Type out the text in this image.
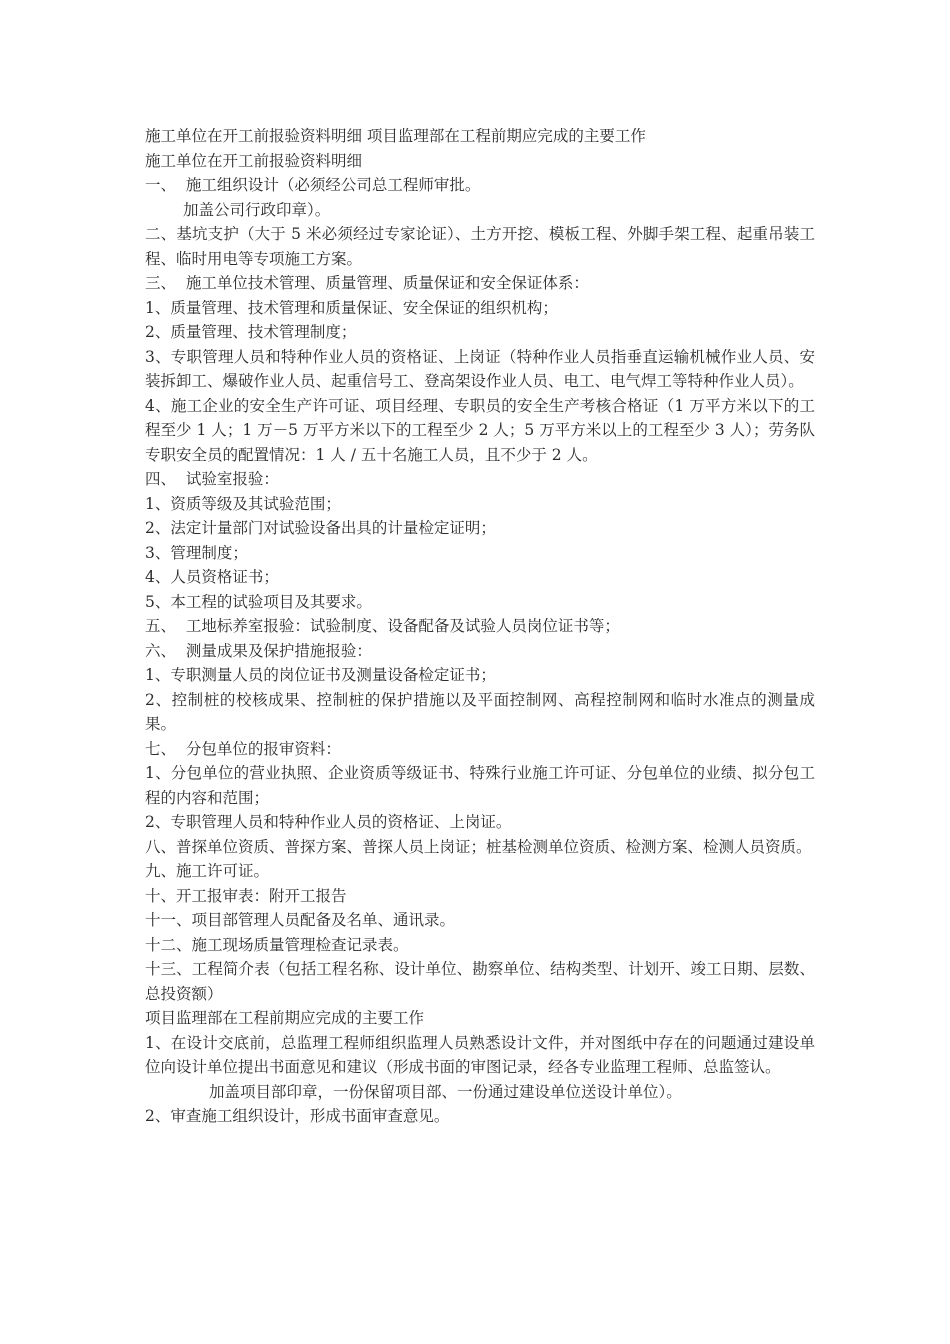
施工单位在开工前报验资料明细 项目监理部在工程前期应完成的主要工作

施工单位在开工前报验资料明细

一、  施工组织设计（必须经公司总工程师审批。

加盖公司行政印章）。

二、基坑支护（大于 5 米必须经过专家论证）、土方开挖、模板工程、外脚手架工程、起重吊装工程、临时用电等专项施工方案。

三、  施工单位技术管理、质量管理、质量保证和安全保证体系：

1、质量管理、技术管理和质量保证、安全保证的组织机构；

2、质量管理、技术管理制度；

3、专职管理人员和特种作业人员的资格证、上岗证（特种作业人员指垂直运输机械作业人员、安装拆卸工、爆破作业人员、起重信号工、登高架设作业人员、电工、电气焊工等特种作业人员）。

4、施工企业的安全生产许可证、项目经理、专职员的安全生产考核合格证（1 万平方米以下的工程至少 1 人；1 万－5 万平方米以下的工程至少 2 人；5 万平方米以上的工程至少 3 人）；劳务队专职安全员的配置情况：1 人 / 五十名施工人员，且不少于 2 人。

四、  试验室报验：

1、资质等级及其试验范围；

2、法定计量部门对试验设备出具的计量检定证明；

3、管理制度；

4、人员资格证书；

5、本工程的试验项目及其要求。

五、  工地标养室报验：试验制度、设备配备及试验人员岗位证书等；

六、  测量成果及保护措施报验：

1、专职测量人员的岗位证书及测量设备检定证书；

2、控制桩的校核成果、控制桩的保护措施以及平面控制网、高程控制网和临时水准点的测量成果。

七、  分包单位的报审资料：

1、分包单位的营业执照、企业资质等级证书、特殊行业施工许可证、分包单位的业绩、拟分包工程的内容和范围；

2、专职管理人员和特种作业人员的资格证、上岗证。

八、普探单位资质、普探方案、普探人员上岗证；桩基检测单位资质、检测方案、检测人员资质。

九、施工许可证。

十、开工报审表：附开工报告

十一、项目部管理人员配备及名单、通讯录。

十二、施工现场质量管理检查记录表。

十三、工程简介表（包括工程名称、设计单位、勘察单位、结构类型、计划开、竣工日期、层数、总投资额）

项目监理部在工程前期应完成的主要工作

1、在设计交底前，总监理工程师组织监理人员熟悉设计文件，并对图纸中存在的问题通过建设单位向设计单位提出书面意见和建议（形成书面的审图记录，经各专业监理工程师、总监签认。

加盖项目部印章，一份保留项目部、一份通过建设单位送设计单位）。

2、审查施工组织设计，形成书面审查意见。
